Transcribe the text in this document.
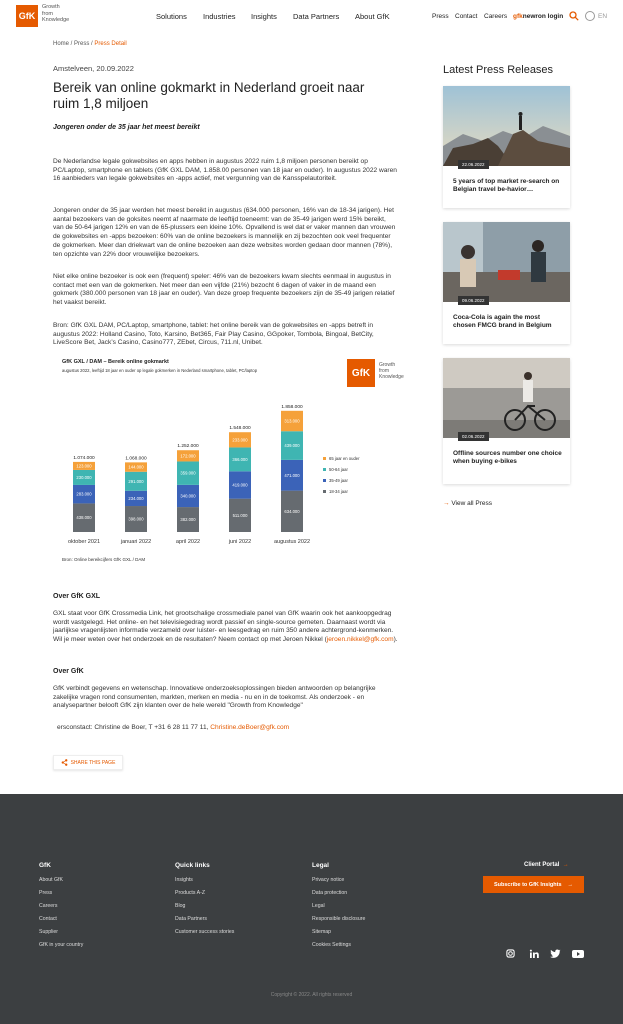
GfK
Growth
from
Knowledge	Solutions Industries Insights Data Partners About GfK	Press Contact Careers gfknewron login	EN
Home / Press / Press Detail
Amstelveen, 20.09.2022
Bereik van online gokmarkt in Nederland groeit naar ruim 1,8 miljoen
Jongeren onder de 35 jaar het meest bereikt

De Nederlandse legale gokwebsites en apps hebben in augustus 2022 ruim 1,8 miljoen personen bereikt op PC/Laptop, smartphone en tablets (GfK GXL DAM, 1.858.00 personen van 18 jaar en ouder). In augustus 2022 waren 16 aanbieders van legale gokwebsites en -apps actief, met vergunning van de Kansspelautoriteit.

Jongeren onder de 35 jaar werden het meest bereikt in augustus (634.000 personen, 16% van de 18-34 jarigen). Het aantal bezoekers van de goksites neemt af naarmate de leeftijd toeneemt: van de 35-49 jarigen werd 15% bereikt, van de 50-64 jarigen 12% en van de 65-plussers een kleine 10%. Opvallend is wel dat er vaker mannen dan vrouwen de gokwebsites en -apps bezoeken: 60% van de online bezoekers is mannelijk en zij bezochten ook veel frequenter de gokmerken. Meer dan driekwart van de online bezoeken aan deze websites worden gedaan door mannen (78%), ten opzichte van 22% door vrouwelijke bezoekers.

Niet elke online bezoeker is ook een (frequent) speler: 46% van de bezoekers kwam slechts eenmaal in augustus in contact met een van de gokmerken. Net meer dan een vijfde (21%) bezocht 6 dagen of vaker in de maand een gokmerk (380.000 personen van 18 jaar en ouder). Van deze groep frequente bezoekers zijn de 35-49 jarigen relatief het vaakst bereikt.

Bron: GfK GXL DAM, PC/Laptop, smartphone, tablet: het online bereik van de gokwebsites en -apps betreft in augustus 2022: Holland Casino, Toto, Karsino, Bet365, Fair Play Casino, GGpoker, Tombola, Bingoal, BetCity, LiveScore Bet, Jack’s Casino, Casino777, ZEbet, Circus, 711.nl, Unibet.

GfK GXL / DAM – Bereik online gokmarkt
augustus 2022, leeftijd 18 jaar en ouder op legale gokmerken in Nederland smartphone, tablet, PC/laptop	GfK
Growth
from
Knowledge
438.000
283.000
230.000
123.000
1.074.000
oktober 2021
398.000
234.000
291.000
144.000
1.068.000
januari 2022
382.000
340.000
359.000
172.000
1.252.000
april 2022
511.000
419.000
366.000
233.000
1.548.000
juni 2022
634.000
471.000
439.000
313.000
1.858.000
augustus 2022
65 jaar en ouder
50-64 jaar
35-49 jaar
18-34 jaar
Bron: Online bereikcijfers GfK GXL / DAM
Over GfK GXL

GXL staat voor GfK Crossmedia Link, het grootschalige crossmediale panel van GfK waarin ook het aankoopgedrag wordt vastgelegd. Het online- en het televisiegedrag wordt passief en single-source gemeten. Daarnaast wordt via jaarlijkse vragenlijsten informatie verzameld over luister- en leesgedrag en ruim 350 andere achtergrond-kenmerken. Wil je meer weten over het onderzoek en de resultaten? Neem contact op met Jeroen Nikkel (jeroen.nikkel@gfk.com).

Over GfK

GfK verbindt gegevens en wetenschap. Innovatieve onderzoeksoplossingen bieden antwoorden op belangrijke zakelijke vragen rond consumenten, markten, merken en media - nu en in de toekomst. Als onderzoek - en analysepartner belooft GfK zijn klanten over de hele wereld "Growth from Knowledge"

ersconstact: Christine de Boer, T +31 6 28 11 77 11, Christine.deBoer@gfk.com

SHARE THIS PAGE
Latest Press Releases
22.06.2022
5 years of top market re-search on Belgian travel be-havior…
09.06.2022
Coca-Cola is again the most chosen FMCG brand in Belgium
02.06.2022
Offline sources number one choice when buying e-bikes
→ View all Press
GfK
About GfK
Press
Careers
Contact
Supplier
GfK in your country
Quick links
Insights
Products A-Z
Blog
Data Partners
Customer success stories
Legal
Privacy notice
Data protection
Legal
Responsible disclosure
Sitemap
Cookies Settings
Client Portal →
Subscribe to GfK Insights →
Copyright © 2022. All rights reserved
